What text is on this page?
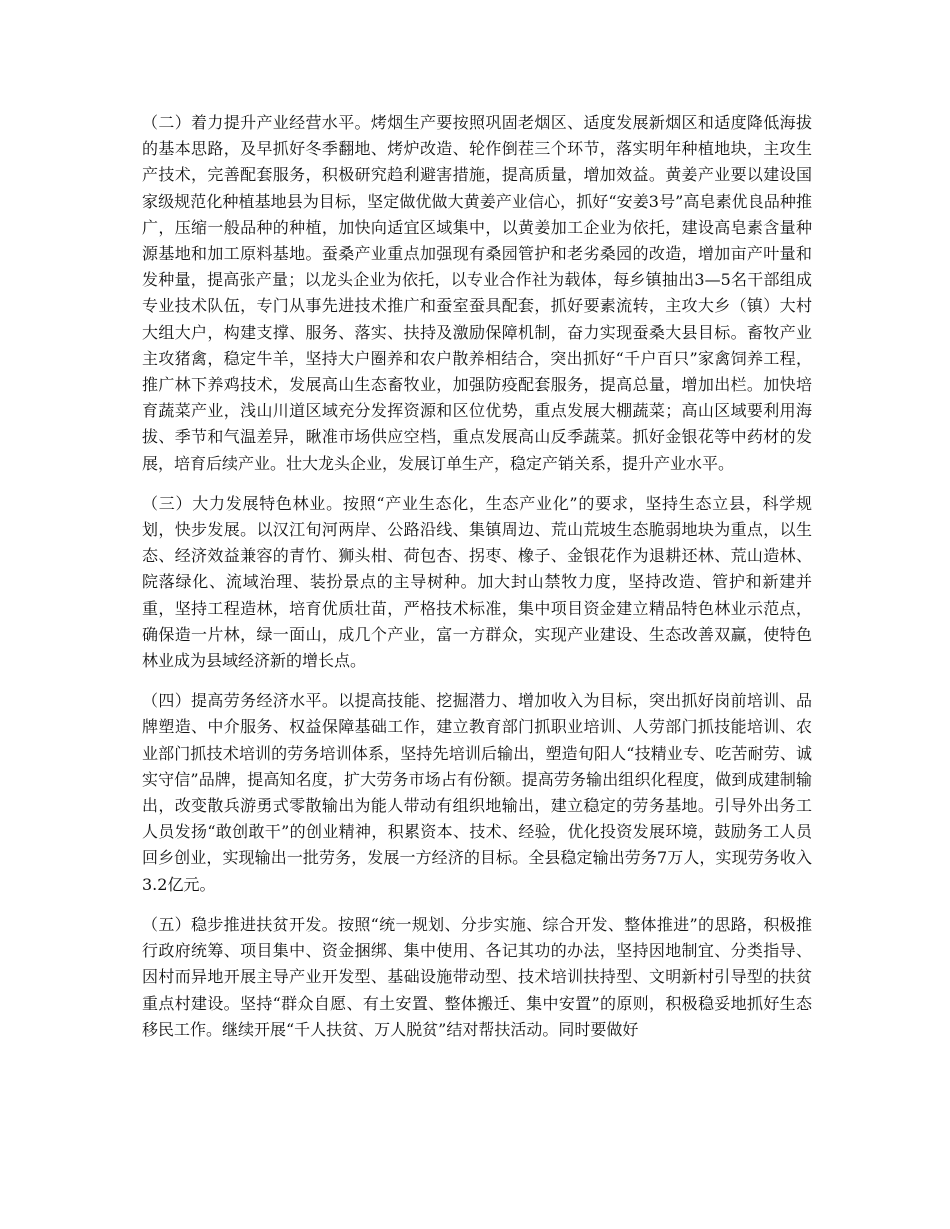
（二）着力提升产业经营水平。烤烟生产要按照巩固老烟区、适度发展新烟区和适度降低海拔的基本思路，及早抓好冬季翻地、烤炉改造、轮作倒茬三个环节，落实明年种植地块，主攻生产技术，完善配套服务，积极研究趋利避害措施，提高质量，增加效益。黄姜产业要以建设国家级规范化种植基地县为目标，坚定做优做大黄姜产业信心，抓好“安姜3号”高皂素优良品种推广，压缩一般品种的种植，加快向适宜区域集中，以黄姜加工企业为依托，建设高皂素含量种源基地和加工原料基地。蚕桑产业重点加强现有桑园管护和老劣桑园的改造，增加亩产叶量和发种量，提高张产量；以龙头企业为依托，以专业合作社为载体，每乡镇抽出3—5名干部组成专业技术队伍，专门从事先进技术推广和蚕室蚕具配套，抓好要素流转，主攻大乡（镇）大村大组大户，构建支撑、服务、落实、扶持及激励保障机制，奋力实现蚕桑大县目标。畜牧产业主攻猪禽，稳定牛羊，坚持大户圈养和农户散养相结合，突出抓好“千户百只”家禽饲养工程，推广林下养鸡技术，发展高山生态畜牧业，加强防疫配套服务，提高总量，增加出栏。加快培育蔬菜产业，浅山川道区域充分发挥资源和区位优势，重点发展大棚蔬菜；高山区域要利用海拔、季节和气温差异，瞅准市场供应空档，重点发展高山反季蔬菜。抓好金银花等中药材的发展，培育后续产业。壮大龙头企业，发展订单生产，稳定产销关系，提升产业水平。

（三）大力发展特色林业。按照“产业生态化，生态产业化”的要求，坚持生态立县，科学规划，快步发展。以汉江旬河两岸、公路沿线、集镇周边、荒山荒坡生态脆弱地块为重点，以生态、经济效益兼容的青竹、狮头柑、荷包杏、拐枣、橡子、金银花作为退耕还林、荒山造林、院落绿化、流域治理、装扮景点的主导树种。加大封山禁牧力度，坚持改造、管护和新建并重，坚持工程造林，培育优质壮苗，严格技术标准，集中项目资金建立精品特色林业示范点，确保造一片林，绿一面山，成几个产业，富一方群众，实现产业建设、生态改善双赢，使特色林业成为县域经济新的增长点。

（四）提高劳务经济水平。以提高技能、挖掘潜力、增加收入为目标，突出抓好岗前培训、品牌塑造、中介服务、权益保障基础工作，建立教育部门抓职业培训、人劳部门抓技能培训、农业部门抓技术培训的劳务培训体系，坚持先培训后输出，塑造旬阳人“技精业专、吃苦耐劳、诚实守信”品牌，提高知名度，扩大劳务市场占有份额。提高劳务输出组织化程度，做到成建制输出，改变散兵游勇式零散输出为能人带动有组织地输出，建立稳定的劳务基地。引导外出务工人员发扬“敢创敢干”的创业精神，积累资本、技术、经验，优化投资发展环境，鼓励务工人员回乡创业，实现输出一批劳务，发展一方经济的目标。全县稳定输出劳务7万人，实现劳务收入3.2亿元。

（五）稳步推进扶贫开发。按照“统一规划、分步实施、综合开发、整体推进”的思路，积极推行政府统筹、项目集中、资金捆绑、集中使用、各记其功的办法，坚持因地制宜、分类指导、因村而异地开展主导产业开发型、基础设施带动型、技术培训扶持型、文明新村引导型的扶贫重点村建设。坚持“群众自愿、有土安置、整体搬迁、集中安置”的原则，积极稳妥地抓好生态移民工作。继续开展“千人扶贫、万人脱贫”结对帮扶活动。同时要做好
